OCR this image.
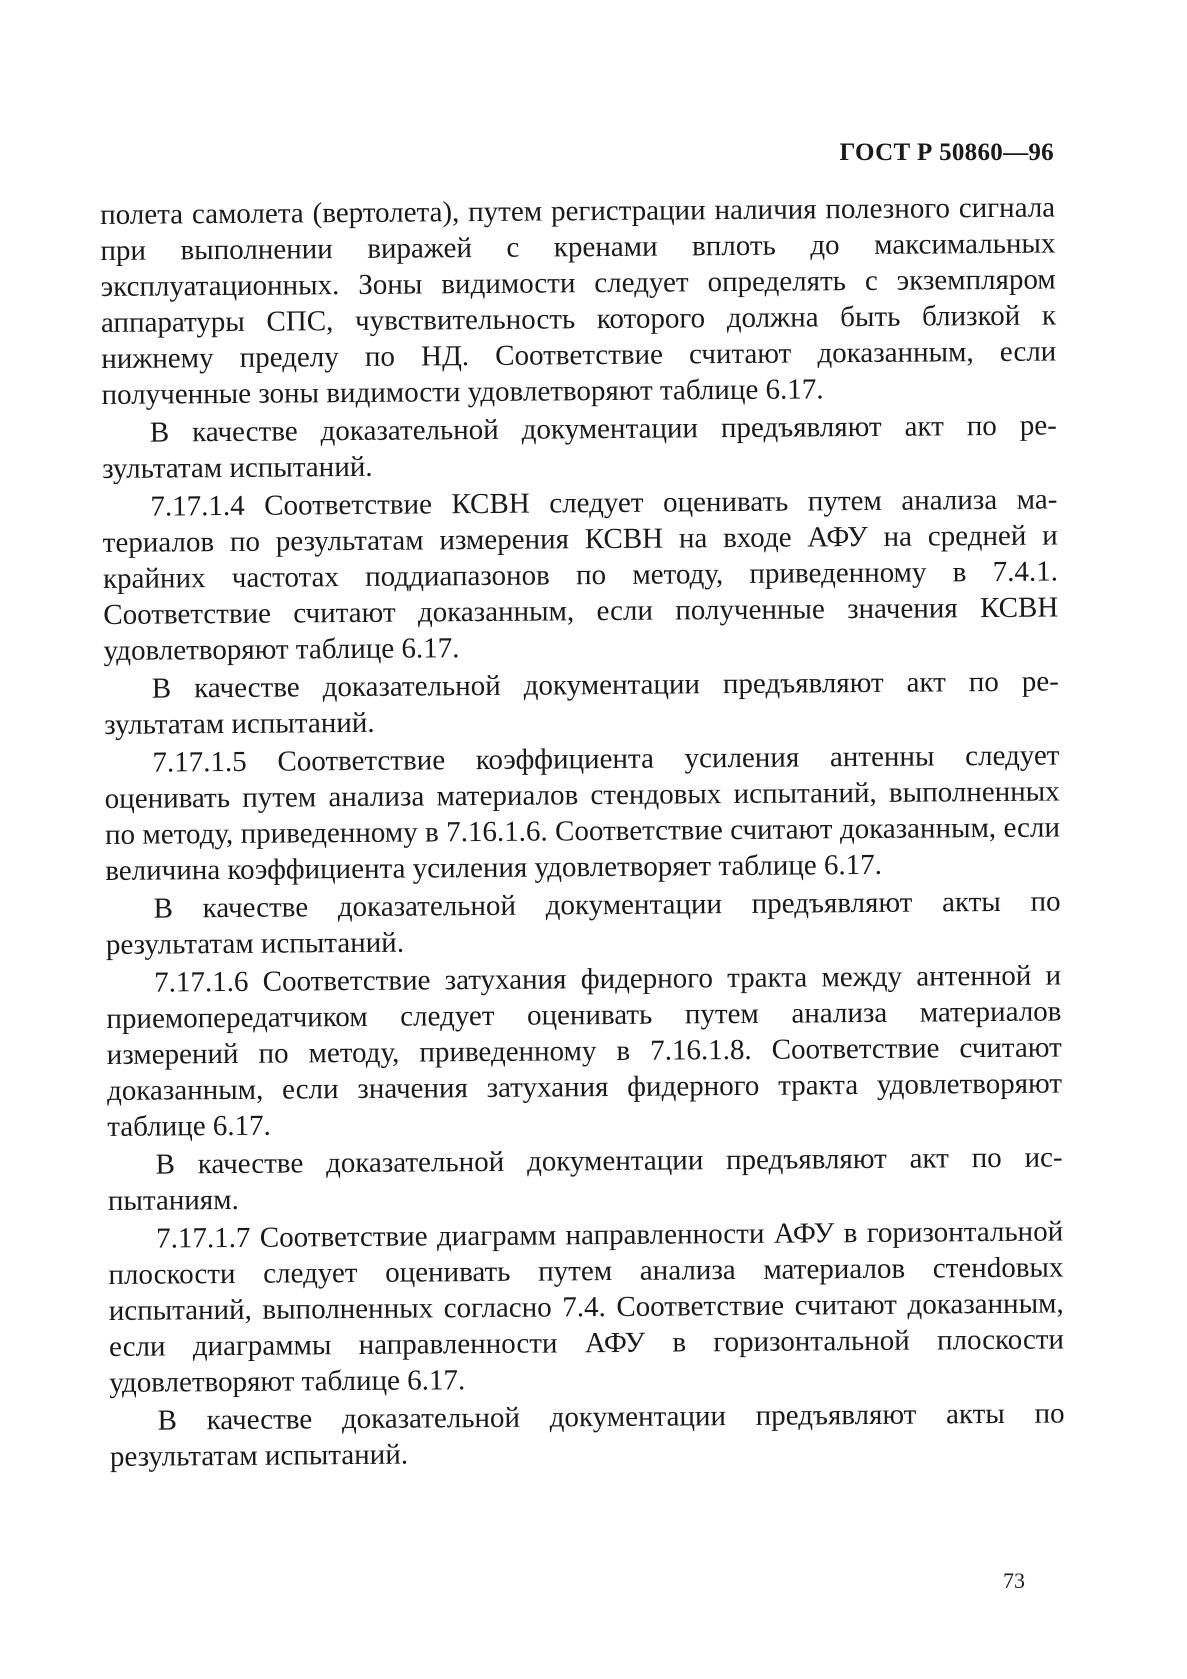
ГОСТ Р 50860—96

полета самолета (вертолета), путем регистрации наличия полезного сигнала при выполнении виражей с кренами вплоть до максимальных эксплуатационных. Зоны видимости следует определять с экземпляром аппаратуры СПС, чувствительность которого должна быть близкой к нижнему пределу по НД. Соответствие считают доказанным, если полученные зоны видимости удовлетворяют таблице 6.17.

В качестве доказательной документации предъявляют акт по результатам испытаний.

7.17.1.4 Соответствие КСВН следует оценивать путем анализа материалов по результатам измерения КСВН на входе АФУ на средней и крайних частотах поддиапазонов по методу, приведенному в 7.4.1. Соответствие считают доказанным, если полученные значения КСВН удовлетворяют таблице 6.17.

В качестве доказательной документации предъявляют акт по результатам испытаний.

7.17.1.5 Соответствие коэффициента усиления антенны следует оценивать путем анализа материалов стендовых испытаний, выполненных по методу, приведенному в 7.16.1.6. Соответствие считают доказанным, если величина коэффициента усиления удовлетворяет таблице 6.17.

В качестве доказательной документации предъявляют акты по результатам испытаний.

7.17.1.6 Соответствие затухания фидерного тракта между антенной и приемопередатчиком следует оценивать путем анализа материалов измерений по методу, приведенному в 7.16.1.8. Соответствие считают доказанным, если значения затухания фидерного тракта удовлетворяют таблице 6.17.

В качестве доказательной документации предъявляют акт по испытаниям.

7.17.1.7 Соответствие диаграмм направленности АФУ в горизонтальной плоскости следует оценивать путем анализа материалов стенdовых испытаний, выполненных согласно 7.4. Соответствие считают доказанным, если диаграммы направленности АФУ в горизонтальной плоскости удовлетворяют таблице 6.17.

В качестве доказательной документации предъявляют акты по результатам испытаний.

73
